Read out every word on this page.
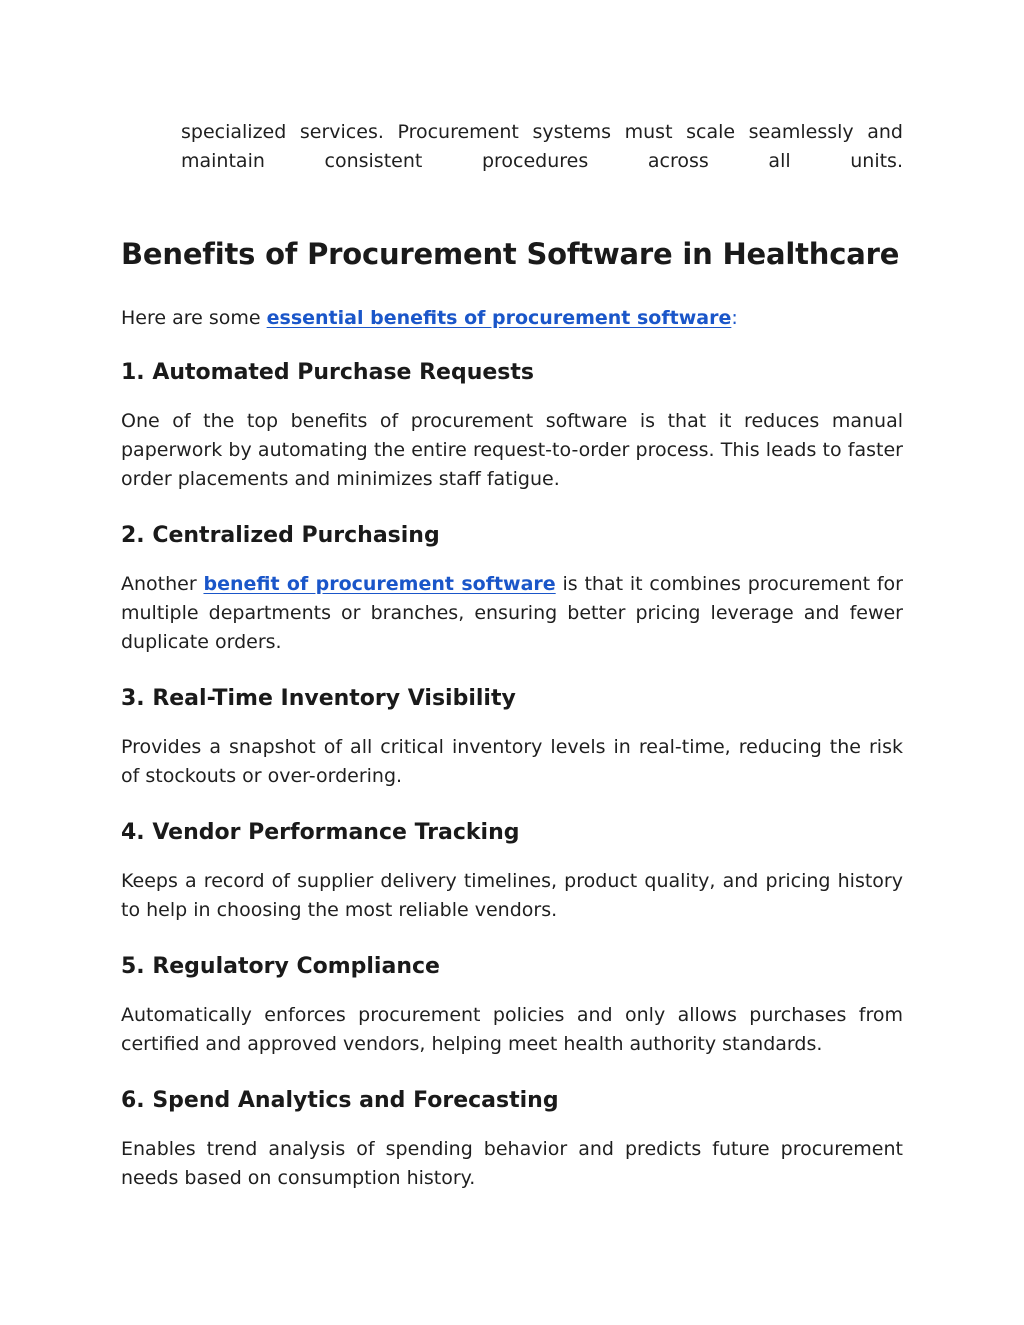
specialized services. Procurement systems must scale seamlessly and maintain consistent procedures across all units.
Benefits of Procurement Software in Healthcare

Here are some essential benefits of procurement software:

1. Automated Purchase Requests

One of the top benefits of procurement software is that it reduces manual paperwork by automating the entire request-to-order process. This leads to faster order placements and minimizes staff fatigue.

2. Centralized Purchasing

Another benefit of procurement software is that it combines procurement for multiple departments or branches, ensuring better pricing leverage and fewer duplicate orders.

3. Real-Time Inventory Visibility

Provides a snapshot of all critical inventory levels in real-time, reducing the risk of stockouts or over-ordering.

4. Vendor Performance Tracking

Keeps a record of supplier delivery timelines, product quality, and pricing history to help in choosing the most reliable vendors.

5. Regulatory Compliance

Automatically enforces procurement policies and only allows purchases from certified and approved vendors, helping meet health authority standards.

6. Spend Analytics and Forecasting

Enables trend analysis of spending behavior and predicts future procurement needs based on consumption history.
